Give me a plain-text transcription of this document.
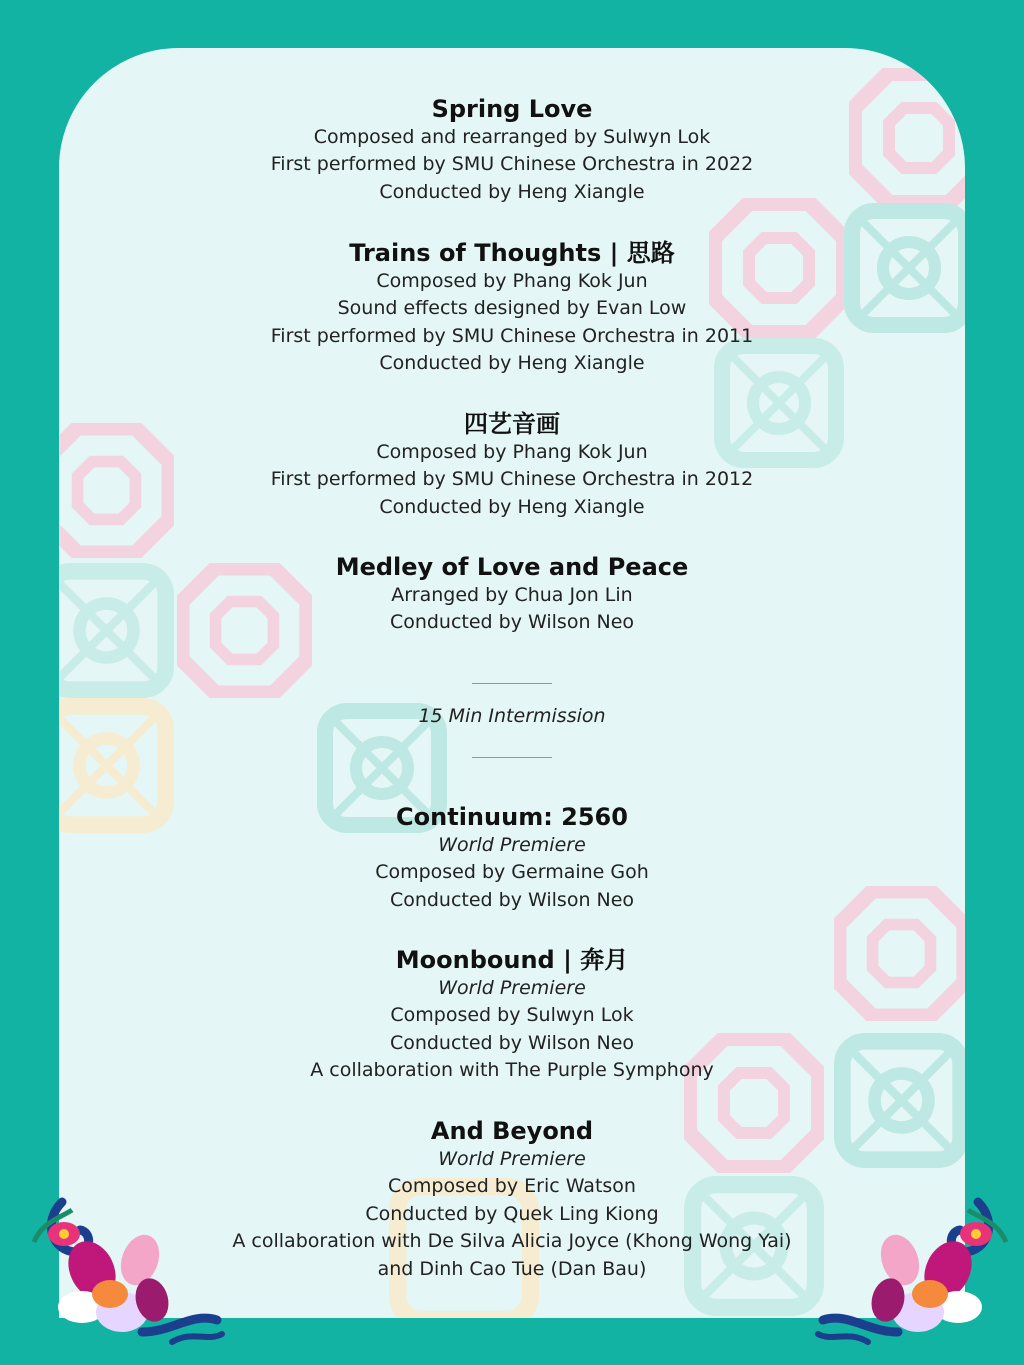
Spring Love
Composed and rearranged by Sulwyn Lok
First performed by SMU Chinese Orchestra in 2022
Conducted by Heng Xiangle
Trains of Thoughts | 思路
Composed by Phang Kok Jun
Sound effects designed by Evan Low
First performed by SMU Chinese Orchestra in 2011
Conducted by Heng Xiangle
四艺音画
Composed by Phang Kok Jun
First performed by SMU Chinese Orchestra in 2012
Conducted by Heng Xiangle
Medley of Love and Peace
Arranged by Chua Jon Lin
Conducted by Wilson Neo
15 Min Intermission
Continuum: 2560
World Premiere
Composed by Germaine Goh
Conducted by Wilson Neo
Moonbound | 奔月
World Premiere
Composed by Sulwyn Lok
Conducted by Wilson Neo
A collaboration with The Purple Symphony
And Beyond
World Premiere
Composed by Eric Watson
Conducted by Quek Ling Kiong
A collaboration with De Silva Alicia Joyce (Khong Wong Yai)
and Dinh Cao Tue (Dan Bau)
